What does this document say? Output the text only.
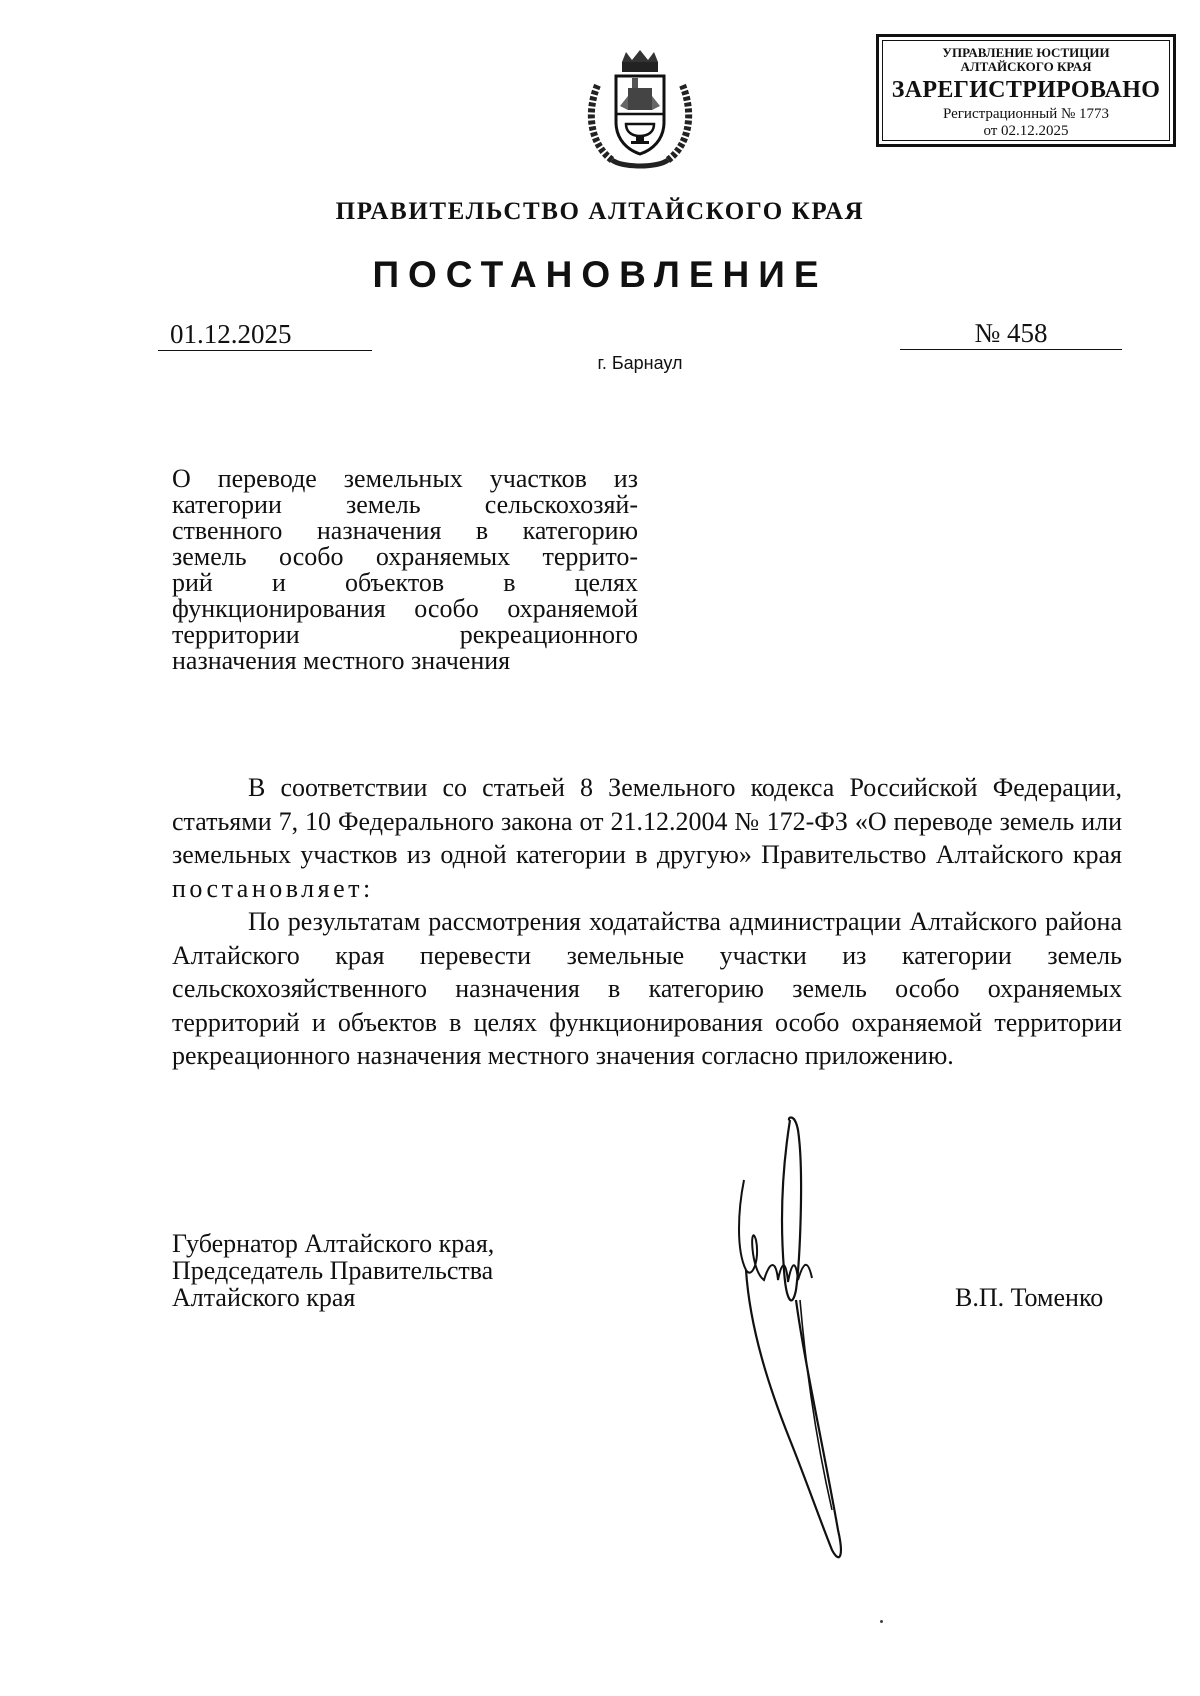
УПРАВЛЕНИЕ ЮСТИЦИИ
АЛТАЙСКОГО КРАЯ
ЗАРЕГИСТРИРОВАНО
Регистрационный № 1773
от 02.12.2025
ПРАВИТЕЛЬСТВО АЛТАЙСКОГО КРАЯ
ПОСТАНОВЛЕНИЕ
01.12.2025	№ 458
г. Барнаул

О переводе земельных участков из
категории земель сельскохозяй-
ственного назначения в категорию
земель особо охраняемых террито-
рий и объектов в целях
функционирования особо охраняемой
территории рекреационного
назначения местного значения

В соответствии со статьей 8 Земельного кодекса Российской Федерации, статьями 7, 10 Федерального закона от 21.12.2004 № 172-ФЗ «О переводе земель или земельных участков из одной категории в другую» Правительство Алтайского края постановляет:

По результатам рассмотрения ходатайства администрации Алтайского района Алтайского края перевести земельные участки из категории земель сельскохозяйственного назначения в категорию земель особо охраняемых территорий и объектов в целях функционирования особо охраняемой территории рекреационного назначения местного значения согласно приложению.

Губернатор Алтайского края,
Председатель Правительства
Алтайского края	В.П. Томенко
